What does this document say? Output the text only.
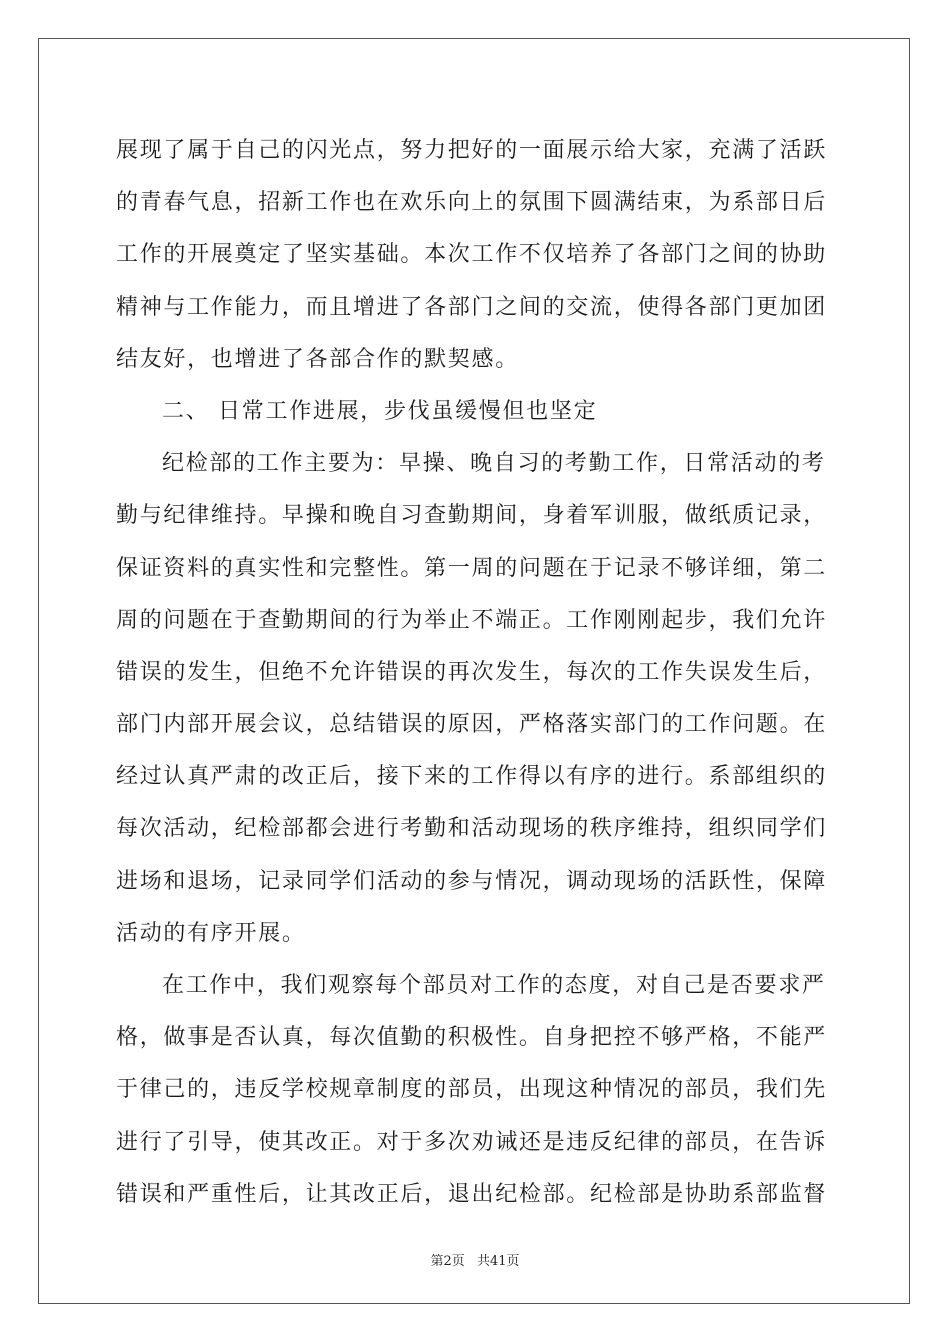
展现了属于自己的闪光点，努力把好的一面展示给大家，充满了活跃
的青春气息，招新工作也在欢乐向上的氛围下圆满结束，为系部日后
工作的开展奠定了坚实基础。本次工作不仅培养了各部门之间的协助
精神与工作能力，而且增进了各部门之间的交流，使得各部门更加团
结友好，也增进了各部合作的默契感。
二、 日常工作进展，步伐虽缓慢但也坚定
纪检部的工作主要为：早操、晚自习的考勤工作，日常活动的考
勤与纪律维持。早操和晚自习查勤期间，身着军训服，做纸质记录，
保证资料的真实性和完整性。第一周的问题在于记录不够详细，第二
周的问题在于查勤期间的行为举止不端正。工作刚刚起步，我们允许
错误的发生，但绝不允许错误的再次发生，每次的工作失误发生后，
部门内部开展会议，总结错误的原因，严格落实部门的工作问题。在
经过认真严肃的改正后，接下来的工作得以有序的进行。系部组织的
每次活动，纪检部都会进行考勤和活动现场的秩序维持，组织同学们
进场和退场，记录同学们活动的参与情况，调动现场的活跃性，保障
活动的有序开展。
在工作中，我们观察每个部员对工作的态度，对自己是否要求严
格，做事是否认真，每次值勤的积极性。自身把控不够严格，不能严
于律己的，违反学校规章制度的部员，出现这种情况的部员，我们先
进行了引导，使其改正。对于多次劝诫还是违反纪律的部员，在告诉
错误和严重性后，让其改正后，退出纪检部。纪检部是协助系部监督
第2页 共41页
